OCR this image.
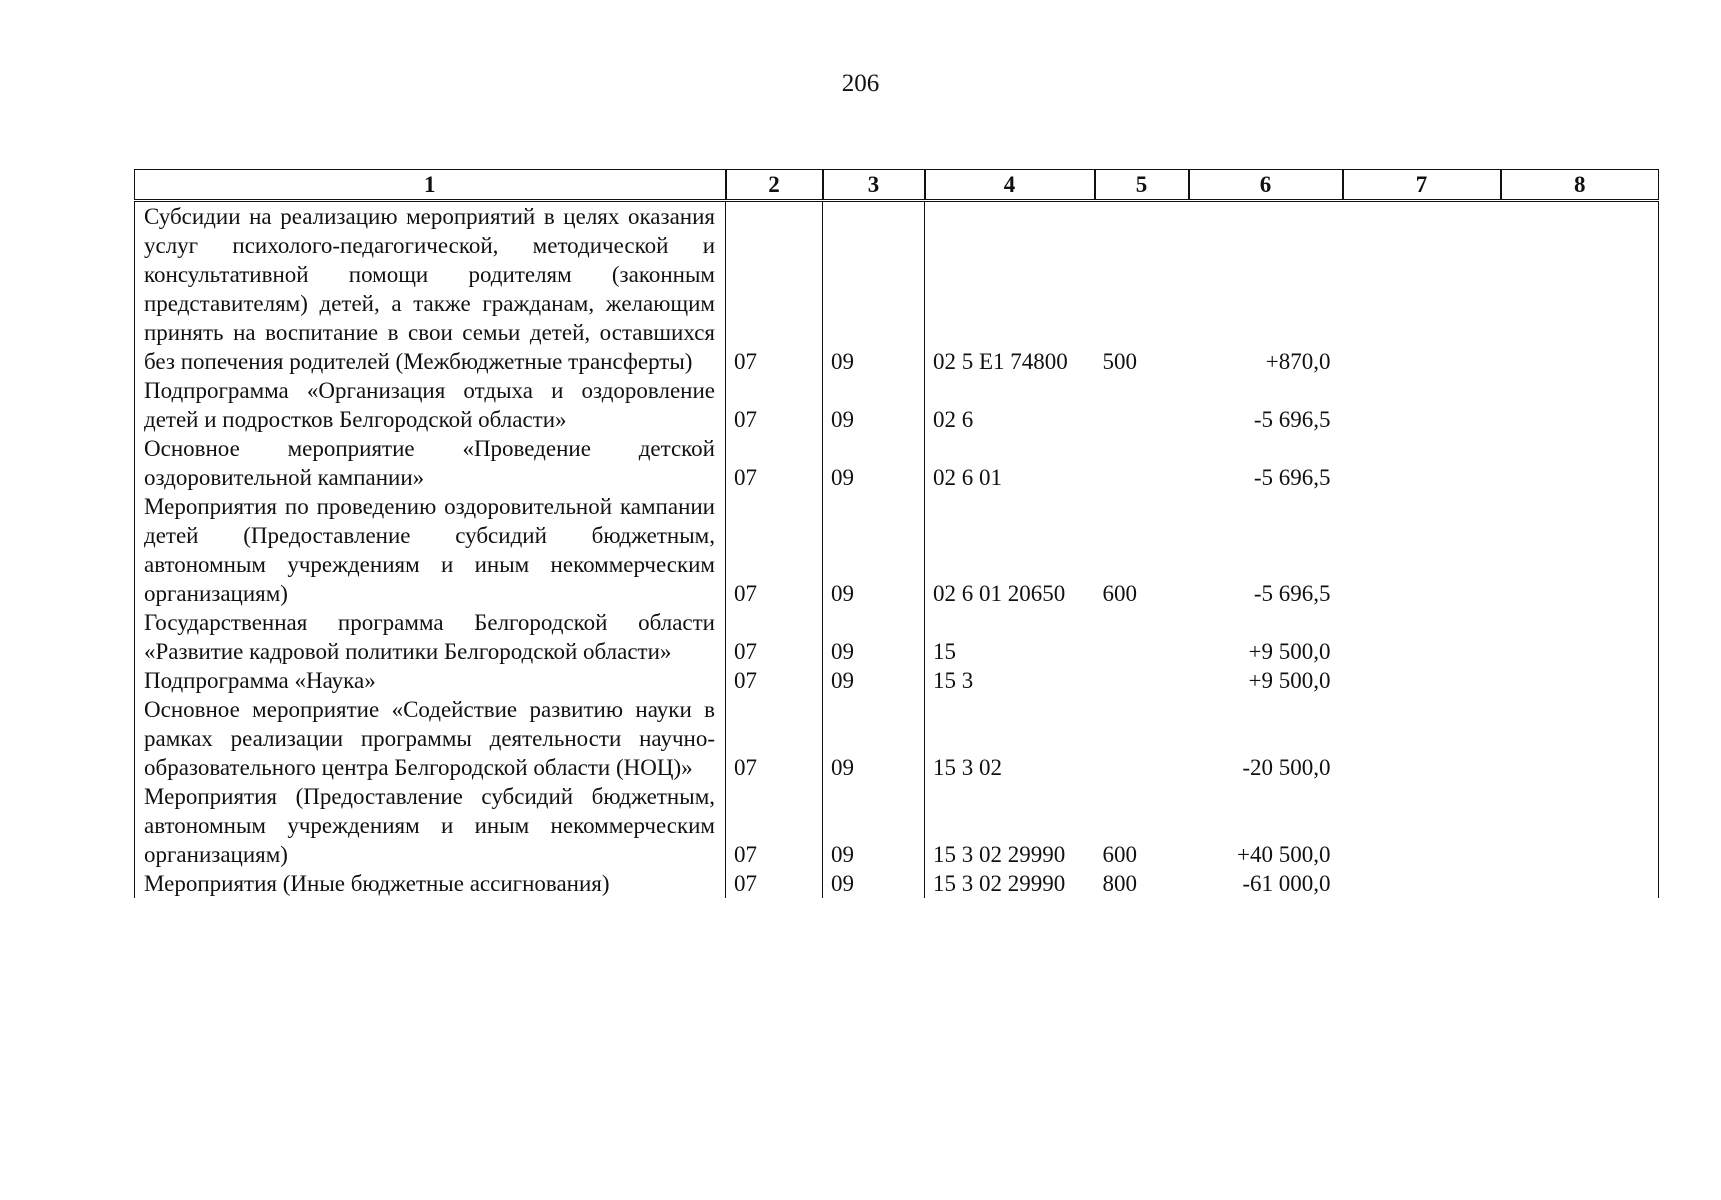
206
1	2	3	4	5	6	7	8
Субсидии на реализацию мероприятий в целях оказания услуг психолого-педагогической, методической и консультативной помощи родителям (законным представителям) детей, а также гражданам, желающим принять на воспитание в свои семьи детей, оставшихся без попечения родителей (Межбюджетные трансферты)	07	09	02 5 Е1 74800	500	+870,0		
Подпрограмма «Организация отдыха и оздоровление детей и подростков Белгородской области»	07	09	02 6		-5 696,5		
Основное мероприятие «Проведение детской оздоровительной кампании»	07	09	02 6 01		-5 696,5		
Мероприятия по проведению оздоровительной кампании детей (Предоставление субсидий бюджетным, автономным учреждениям и иным некоммерческим организациям)	07	09	02 6 01 20650	600	-5 696,5		
Государственная программа Белгородской области «Развитие кадровой политики Белгородской области»	07	09	15		+9 500,0		
Подпрограмма «Наука»	07	09	15 3		+9 500,0		
Основное мероприятие «Содействие развитию науки в рамках реализации программы деятельности научно-образовательного центра Белгородской области (НОЦ)»	07	09	15 3 02		-20 500,0		
Мероприятия (Предоставление субсидий бюджетным, автономным учреждениям и иным некоммерческим организациям)	07	09	15 3 02 29990	600	+40 500,0		
Мероприятия (Иные бюджетные ассигнования)	07	09	15 3 02 29990	800	-61 000,0		
